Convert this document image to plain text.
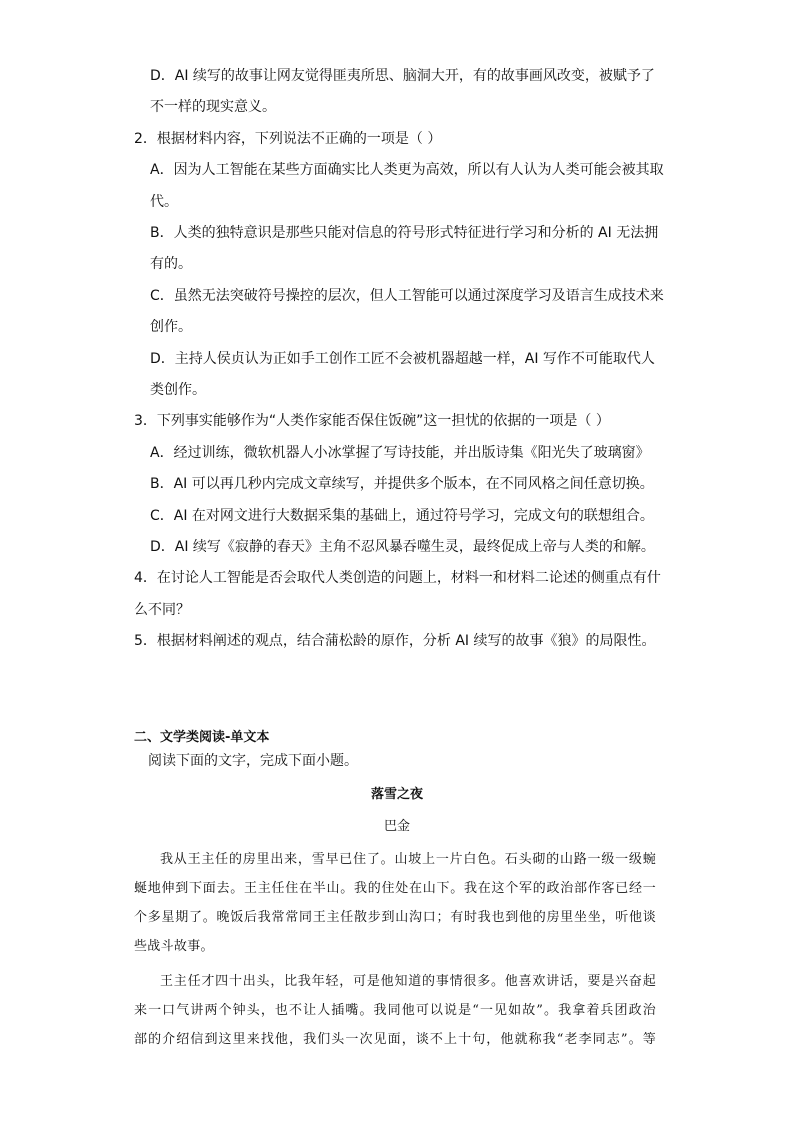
D．AI 续写的故事让网友觉得匪夷所思、脑洞大开，有的故事画风改变，被赋予了
不一样的现实意义。
2．根据材料内容，下列说法不正确的一项是（ ）
A．因为人工智能在某些方面确实比人类更为高效，所以有人认为人类可能会被其取
代。
B．人类的独特意识是那些只能对信息的符号形式特征进行学习和分析的 AI 无法拥
有的。
C．虽然无法突破符号操控的层次，但人工智能可以通过深度学习及语言生成技术来
创作。
D．主持人侯贞认为正如手工创作工匠不会被机器超越一样，AI 写作不可能取代人
类创作。
3．下列事实能够作为“人类作家能否保住饭碗”这一担忧的依据的一项是（ ）
A．经过训练，微软机器人小冰掌握了写诗技能，并出版诗集《阳光失了玻璃窗》
B．AI 可以再几秒内完成文章续写，并提供多个版本，在不同风格之间任意切换。
C．AI 在对网文进行大数据采集的基础上，通过符号学习，完成文句的联想组合。
D．AI 续写《寂静的春天》主角不忍风暴吞噬生灵，最终促成上帝与人类的和解。
4．在讨论人工智能是否会取代人类创造的问题上，材料一和材料二论述的侧重点有什
么不同？
5．根据材料阐述的观点，结合蒲松龄的原作，分析 AI 续写的故事《狼》的局限性。
二、文学类阅读-单文本
阅读下面的文字，完成下面小题。
落雪之夜
巴金
我从王主任的房里出来，雪早已住了。山坡上一片白色。石头砌的山路一级一级蜿
蜒地伸到下面去。王主任住在半山。我的住处在山下。我在这个军的政治部作客已经一
个多星期了。晚饭后我常常同王主任散步到山沟口；有时我也到他的房里坐坐，听他谈
些战斗故事。
王主任才四十出头，比我年轻，可是他知道的事情很多。他喜欢讲话，要是兴奋起
来一口气讲两个钟头，也不让人插嘴。我同他可以说是“一见如故”。我拿着兵团政治
部的介绍信到这里来找他，我们头一次见面，谈不上十句，他就称我“老李同志”。等
